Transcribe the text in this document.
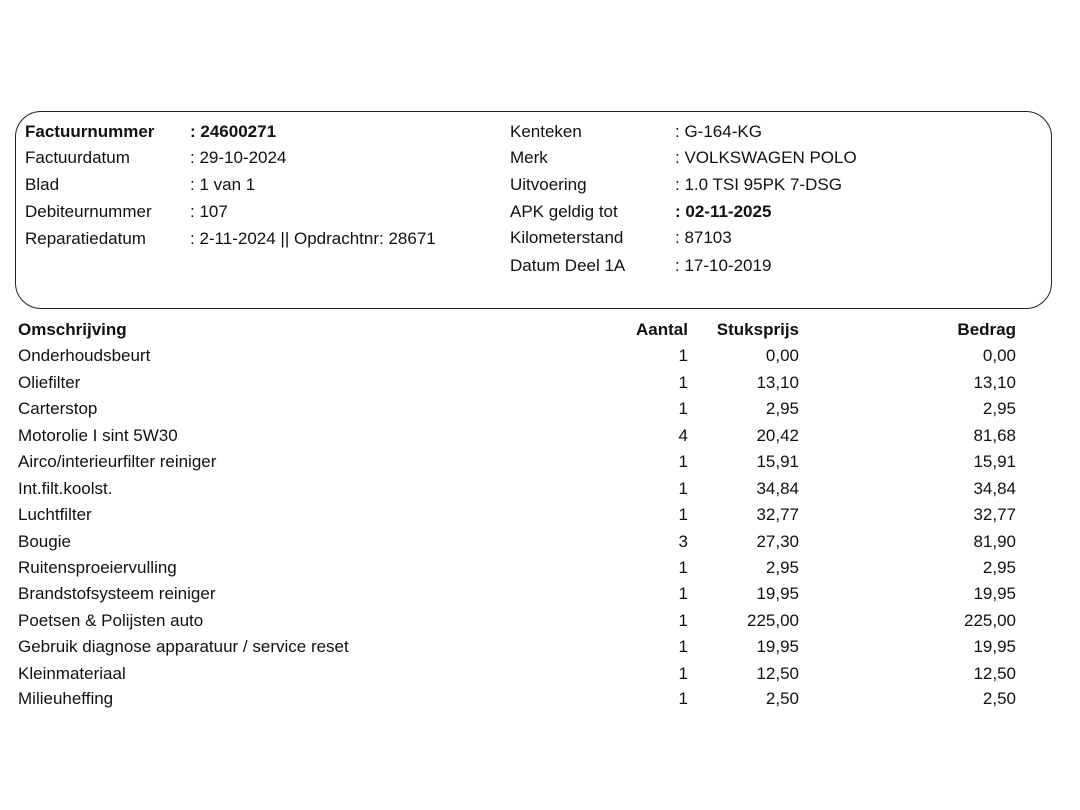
Factuurnummer : 24600271
Factuurdatum	: 29-10-2024
Blad	: 1 van 1
Debiteurnummer : 107
Reparatiedatum	: 2-11-2024 || Opdrachtnr: 28671
Kenteken	: G-164-KG
Merk	: VOLKSWAGEN POLO
Uitvoering	: 1.0 TSI 95PK 7-DSG
APK geldig tot	: 02-11-2025
Kilometerstand	: 87103
Datum Deel 1A	: 17-10-2019
Omschrijving	Aantal Stuksprijs	Bedrag
Onderhoudsbeurt	1	0,00	0,00
Oliefilter	1	13,10	13,10
Carterstop	1	2,95	2,95
Motorolie I sint 5W30	4	20,42	81,68
Airco/interieurfilter reiniger	1	15,91	15,91
Int.filt.koolst.	1	34,84	34,84
Luchtfilter	1	32,77	32,77
Bougie	3	27,30	81,90
Ruitensproeiervulling	1	2,95	2,95
Brandstofsysteem reiniger	1	19,95	19,95
Poetsen & Polijsten auto	1	225,00	225,00
Gebruik diagnose apparatuur / service reset	1	19,95	19,95
Kleinmateriaal	1	12,50	12,50
Milieuheffing	1	2,50	2,50
